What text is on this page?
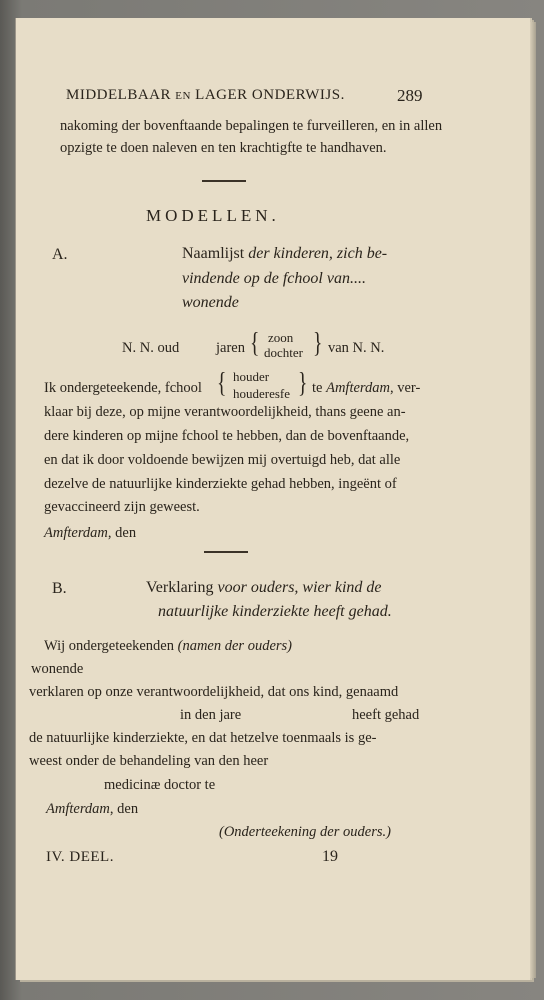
MIDDELBAAR EN LAGER ONDERWIJS.	289
nakoming der bovenftaande bepalingen te furveilleren, en in allen
opzigte te doen naleven en ten krachtigfte te handhaven.
MODELLEN.
A.	Naamlijst der kinderen, zich be-
vindende op de fchool van....
wonende
N. N. oud	jaren { zoon
dochter } van N. N.
Ik ondergeteekende, fchool { houder
houderesfe } te Amfterdam, ver-
klaar bij deze, op mijne verantwoordelijkheid, thans geene an-
dere kinderen op mijne fchool te hebben, dan de bovenftaande,
en dat ik door voldoende bewijzen mij overtuigd heb, dat alle
dezelve de natuurlijke kinderziekte gehad hebben, ingeënt of
gevaccineerd zijn geweest.
Amfterdam, den
B.	Verklaring voor ouders, wier kind de
natuurlijke kinderziekte heeft gehad.
Wij ondergeteekenden (namen der ouders)
wonende
verklaren op onze verantwoordelijkheid, dat ons kind, genaamd
in den jare	heeft gehad
de natuurlijke kinderziekte, en dat hetzelve toenmaals is ge-
weest onder de behandeling van den heer
medicinæ doctor te
Amfterdam, den
(Onderteekening der ouders.)
IV. DEEL.	19
